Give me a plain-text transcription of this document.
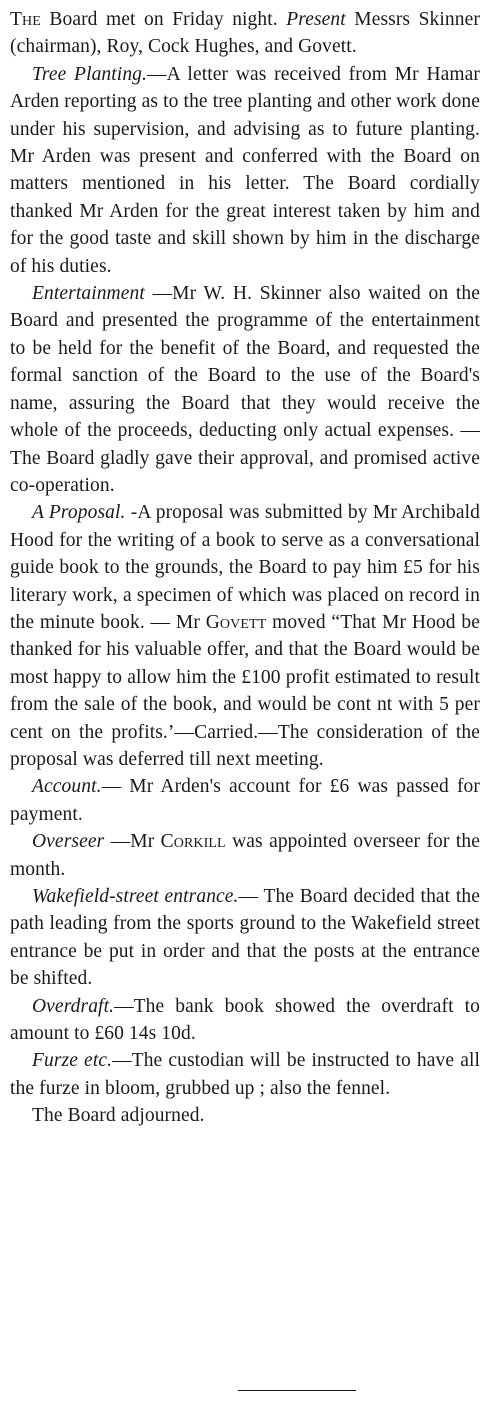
The Board met on Friday night. Present Messrs Skinner (chairman), Roy, Cock Hughes, and Govett.

Tree Planting.—A letter was received from Mr Hamar Arden reporting as to the tree planting and other work done under his supervision, and advising as to future planting. Mr Arden was present and conferred with the Board on matters mentioned in his letter. The Board cordially thanked Mr Arden for the great interest taken by him and for the good taste and skill shown by him in the discharge of his duties.

Entertainment —Mr W. H. Skinner also waited on the Board and presented the programme of the entertainment to be held for the benefit of the Board, and requested the formal sanction of the Board to the use of the Board's name, assuring the Board that they would receive the whole of the proceeds, deducting only actual expenses. —The Board gladly gave their approval, and promised active co-operation.

A Proposal. -A proposal was submitted by Mr Archibald Hood for the writing of a book to serve as a conversational guide book to the grounds, the Board to pay him £5 for his literary work, a specimen of which was placed on record in the minute book. — Mr Govett moved “That Mr Hood be thanked for his valuable offer, and that the Board would be most happy to allow him the £100 profit estimated to result from the sale of the book, and would be cont nt with 5 per cent on the profits.’—Carried.—The consideration of the proposal was deferred till next meeting.

Account.— Mr Arden's account for £6 was passed for payment.

Overseer —Mr Corkill was appointed overseer for the month.

Wakefield-street entrance.— The Board decided that the path leading from the sports ground to the Wakefield street entrance be put in order and that the posts at the entrance be shifted.

Overdraft.—The bank book showed the overdraft to amount to £60 14s 10d.

Furze etc.—The custodian will be instructed to have all the furze in bloom, grubbed up ; also the fennel.

The Board adjourned.
